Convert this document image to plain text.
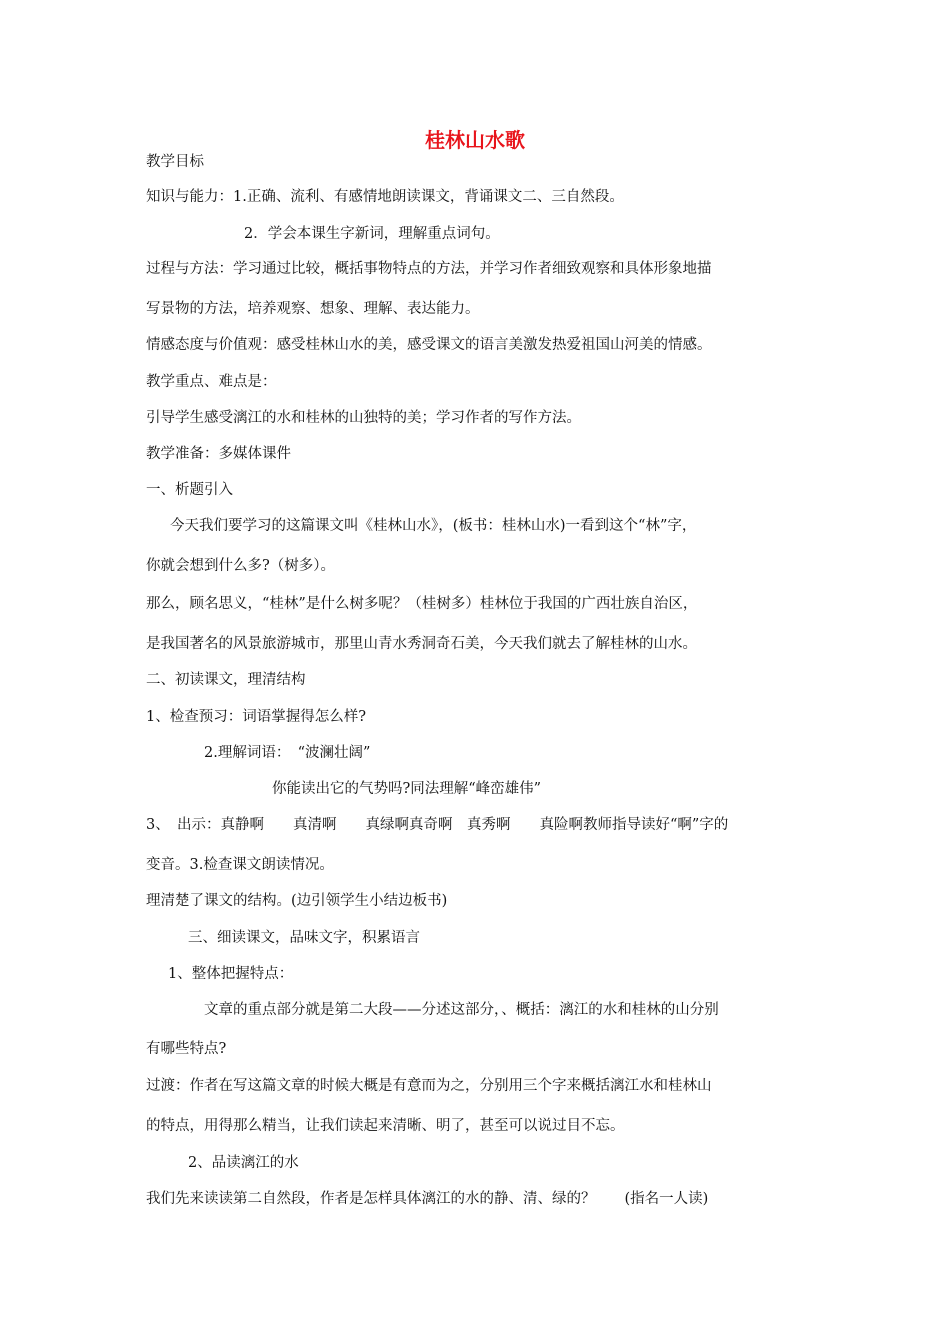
桂林山水歌

教学目标

知识与能力：1.正确、流利、有感情地朗读课文，背诵课文二、三自然段。

2．学会本课生字新词，理解重点词句。

过程与方法：学习通过比较，概括事物特点的方法，并学习作者细致观察和具体形象地描

写景物的方法，培养观察、想象、理解、表达能力。

情感态度与价值观：感受桂林山水的美，感受课文的语言美激发热爱祖国山河美的情感。

教学重点、难点是：

引导学生感受漓江的水和桂林的山独特的美；学习作者的写作方法。

教学准备：多媒体课件

一、析题引入

今天我们要学习的这篇课文叫《桂林山水》，(板书：桂林山水)一看到这个“林”字，

你就会想到什么多?（树多）。

那么，顾名思义，“桂林”是什么树多呢？（桂树多）桂林位于我国的广西壮族自治区，

是我国著名的风景旅游城市，那里山青水秀洞奇石美，今天我们就去了解桂林的山水。

二、初读课文，理清结构

1、检查预习：词语掌握得怎么样?

2.理解词语：　“波澜壮阔”

你能读出它的气势吗?同法理解“峰峦雄伟”

3、　出示：真静啊　　真清啊　　真绿啊真奇啊　真秀啊　　真险啊教师指导读好“啊”字的

变音。3.检查课文朗读情况。

理清楚了课文的结构。(边引领学生小结边板书)

三、细读课文，品味文字，积累语言

1、整体把握特点：

文章的重点部分就是第二大段——分述这部分，、概括：漓江的水和桂林的山分别

有哪些特点?

过渡：作者在写这篇文章的时候大概是有意而为之，分别用三个字来概括漓江水和桂林山

的特点，用得那么精当，让我们读起来清晰、明了，甚至可以说过目不忘。

2、品读漓江的水

我们先来读读第二自然段，作者是怎样具体漓江的水的静、清、绿的？　　(指名一人读)
